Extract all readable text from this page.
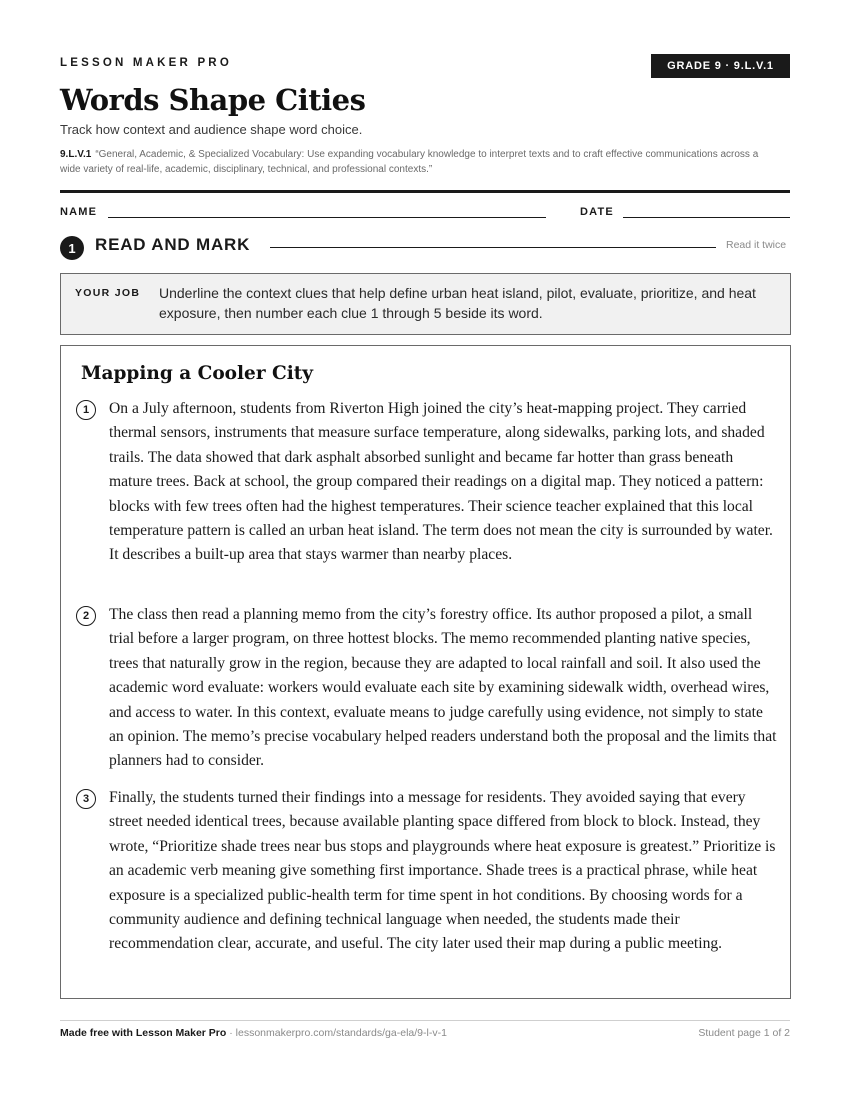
LESSON MAKER PRO	GRADE 9 · 9.L.V.1
Words Shape Cities
Track how context and audience shape word choice.
9.L.V.1 “General, Academic, & Specialized Vocabulary: Use expanding vocabulary knowledge to interpret texts and to craft effective communications across a wide variety of real-life, academic, disciplinary, technical, and professional contexts.”
NAME	DATE
1	READ AND MARK	Read it twice
YOUR JOB Underline the context clues that help define urban heat island, pilot, evaluate, prioritize, and heat exposure, then number each clue 1 through 5 beside its word.
Mapping a Cooler City
1	On a July afternoon, students from Riverton High joined the city’s heat-mapping project. They carried thermal sensors, instruments that measure surface temperature, along sidewalks, parking lots, and shaded trails. The data showed that dark asphalt absorbed sunlight and became far hotter than grass beneath mature trees. Back at school, the group compared their readings on a digital map. They noticed a pattern: blocks with few trees often had the highest temperatures. Their science teacher explained that this local temperature pattern is called an urban heat island. The term does not mean the city is surrounded by water. It describes a built-up area that stays warmer than nearby places.
2	The class then read a planning memo from the city’s forestry office. Its author proposed a pilot, a small trial before a larger program, on three hottest blocks. The memo recommended planting native species, trees that naturally grow in the region, because they are adapted to local rainfall and soil. It also used the academic word evaluate: workers would evaluate each site by examining sidewalk width, overhead wires, and access to water. In this context, evaluate means to judge carefully using evidence, not simply to state an opinion. The memo’s precise vocabulary helped readers understand both the proposal and the limits that planners had to consider.
3	Finally, the students turned their findings into a message for residents. They avoided saying that every street needed identical trees, because available planting space differed from block to block. Instead, they wrote, “Prioritize shade trees near bus stops and playgrounds where heat exposure is greatest.” Prioritize is an academic verb meaning give something first importance. Shade trees is a practical phrase, while heat exposure is a specialized public-health term for time spent in hot conditions. By choosing words for a community audience and defining technical language when needed, the students made their recommendation clear, accurate, and useful. The city later used their map during a public meeting.
Made free with Lesson Maker Pro · lessonmakerpro.com/standards/ga-ela/9-l-v-1	Student page 1 of 2
